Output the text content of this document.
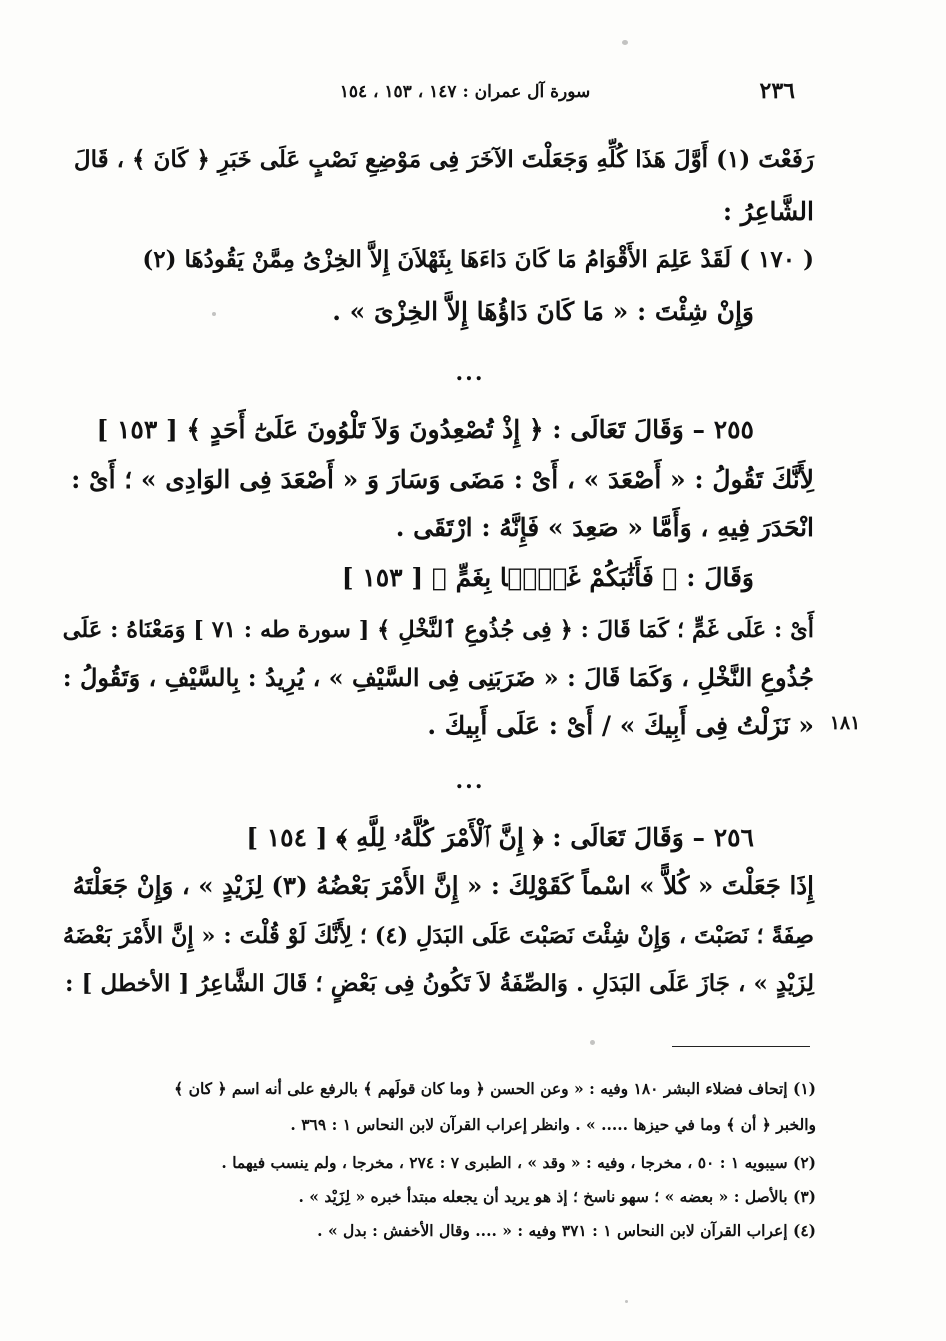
سورة آل عمران : ١٤٧ ، ١٥٣ ، ١٥٤	٢٣٦
رَفَعْتَ (١) أَوَّلَ هَذَا كُلِّهِ وَجَعَلْتَ الآخَرَ فِى مَوْضِعِ نَصْبٍ عَلَى خَبَرِ ﴿ كَانَ ﴾ ، قَالَ
الشَّاعِرُ :
( ١٧٠ ) لَقَدْ عَلِمَ الأَقْوَامُ مَا كَانَ دَاءَهَا بِثَهْلاَنَ إِلاَّ الخِزْىُ مِمَّنْ يَقُودُهَا (٢)
وَإِنْ شِئْتَ : « مَا كَانَ دَاؤُهَا إِلاَّ الخِزْىَ » .
...
٢٥٥ – وَقَالَ تَعَالَى : ﴿ إِذْ تُصْعِدُونَ وَلاَ تَلْوُونَ عَلَىٰٓ أَحَدٍ ﴾ [ ١٥٣ ]
لِأَنَّكَ تَقُولُ : « أَصْعَدَ » ، أَىْ : مَضَى وَسَارَ وَ « أَصْعَدَ فِى الوَادِى » ؛ أَىْ :
انْحَدَرَ فِيهِ ، وَأَمَّا « صَعِدَ » فَإِنَّهُ : ارْتَقَى .
وَقَالَ : ﴿ فَأَثَٰبَكُمْ غَمًّۢا بِغَمٍّ ﴾ [ ١٥٣ ]
أَىْ : عَلَى غَمٍّ ؛ كَمَا قَالَ : ﴿ فِى جُذُوعِ ٱلنَّخْلِ ﴾ [ سورة طه : ٧١ ] وَمَعْنَاهُ : عَلَى
جُذُوعِ النَّخْلِ ، وَكَمَا قَالَ : « ضَرَبَنِى فِى السَّيْفِ » ، يُرِيدُ : بِالسَّيْفِ ، وَتَقُولُ :
« نَزَلْتُ فِى أَبِيكَ » / أَىْ : عَلَى أَبِيكَ . ١٨١
...
٢٥٦ – وَقَالَ تَعَالَى : ﴿ إِنَّ ٱلْأَمْرَ كُلَّهُۥ لِلَّهِ ﴾ [ ١٥٤ ]
إِذَا جَعَلْتَ « كُلاًّ » اسْماً كَقَوْلِكَ : « إِنَّ الأَمْرَ بَعْضُهُ (٣) لِزَيْدٍ » ، وَإِنْ جَعَلْتَهُ
صِفَةً ؛ نَصَبْتَ ، وَإِنْ شِئْتَ نَصَبْتَ عَلَى البَدَلِ (٤) ؛ لِأَنَّكَ لَوْ قُلْتَ : « إِنَّ الأَمْرَ بَعْضَهُ
لِزَيْدٍ » ، جَازَ عَلَى البَدَلِ . وَالصِّفَةُ لاَ تَكُونُ فِى بَعْضٍ ؛ قَالَ الشَّاعِرُ [ الأخطل ] :
(١) إتحاف فضلاء البشر ١٨٠ وفيه : « وعن الحسن ﴿ وما كان قولَهم ﴾ بالرفع على أنه اسم ﴿ كان ﴾
والخبر ﴿ أن ﴾ وما في حيزها ..... » . وانظر إعراب القرآن لابن النحاس ١ : ٣٦٩ .
(٢) سيبويه ١ : ٥٠ ، مخرجا ، وفيه : « وقد » ، الطبرى ٧ : ٢٧٤ ، مخرجا ، ولم ينسب فيهما .
(٣) بالأصل : « بعضه » ؛ سهو ناسخ ؛ إذ هو يريد أن يجعله مبتدأ خبره « لِزَيْد » .
(٤) إعراب القرآن لابن النحاس ١ : ٣٧١ وفيه : « .... وقال الأخفش : بدل » .
